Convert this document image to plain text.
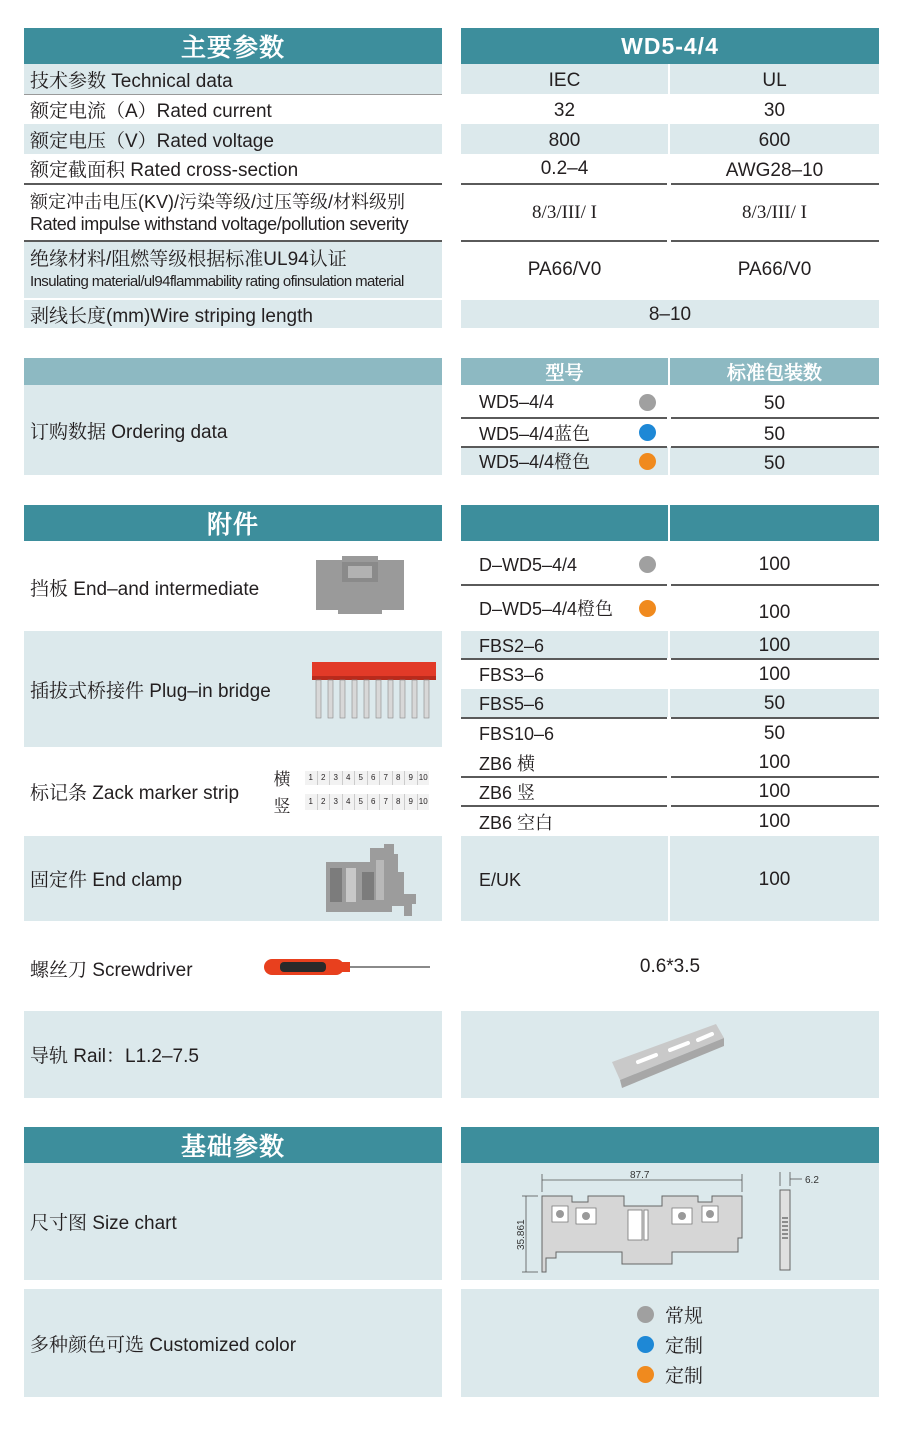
主要参数	WD5-4/4
技术参数 Technical data	IEC	UL
额定电流（A）Rated current	32	30
额定电压（V）Rated voltage	800	600
额定截面积 Rated cross-section	0.2–4	AWG28–10
额定冲击电压(KV)/污染等级/过压等级/材料级别
Rated impulse withstand voltage/pollution severity
8/3/III/ I	8/3/III/ I
绝缘材料/阻燃等级根据标准UL94认证
Insulating material/ul94flammability rating ofinsulation material
PA66/V0	PA66/V0
剥线长度(mm)Wire striping length	8–10
订购数据 Ordering data
型号	标准包装数
WD5–4/4	50
WD5–4/4蓝色	50
WD5–4/4橙色	50
附件
挡板 End–and intermediate
D–WD5–4/4	100
D–WD5–4/4橙色	100
插拔式桥接件 Plug–in bridge
FBS2–6	100
FBS3–6	100
FBS5–6	50
FBS10–6	50
标记条 Zack marker strip
横
竖
1	2	3	4	5	6	7	8	9 10
1	2	3	4	5	6	7	8	9 10
ZB6 横	100
ZB6 竖	100
ZB6 空白	100
固定件 End clamp	E/UK	100
螺丝刀 Screwdriver	0.6*3.5
导轨 Rail：L1.2–7.5
基础参数
尺寸图 Size chart
87.7
35.861
6.2
多种颜色可选 Customized color
常规
定制
定制
